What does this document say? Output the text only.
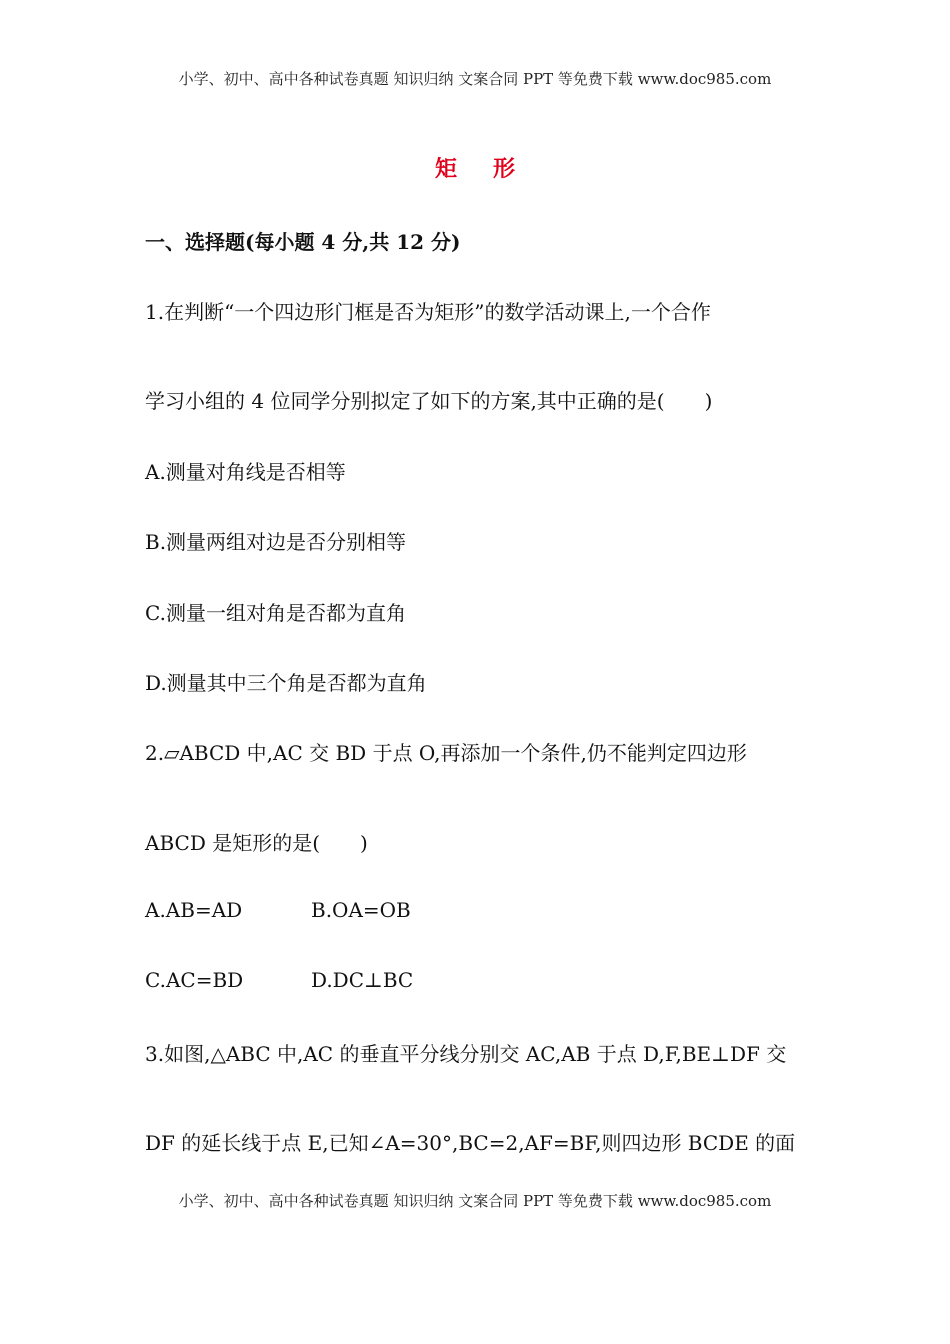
小学、初中、高中各种试卷真题 知识归纳 文案合同 PPT 等免费下载 www.doc985.com
矩形
一、选择题(每小题 4 分,共 12 分)
1.在判断“一个四边形门框是否为矩形”的数学活动课上,一个合作
学习小组的 4 位同学分别拟定了如下的方案,其中正确的是(　　)
A.测量对角线是否相等
B.测量两组对边是否分别相等
C.测量一组对角是否都为直角
D.测量其中三个角是否都为直角
2.▱ABCD 中,AC 交 BD 于点 O,再添加一个条件,仍不能判定四边形
ABCD 是矩形的是(　　)
A.AB=AD	B.OA=OB
C.AC=BD	D.DC⊥BC
3.如图,△ABC 中,AC 的垂直平分线分别交 AC,AB 于点 D,F,BE⊥DF 交
DF 的延长线于点 E,已知∠A=30°,BC=2,AF=BF,则四边形 BCDE 的面
小学、初中、高中各种试卷真题 知识归纳 文案合同 PPT 等免费下载 www.doc985.com
